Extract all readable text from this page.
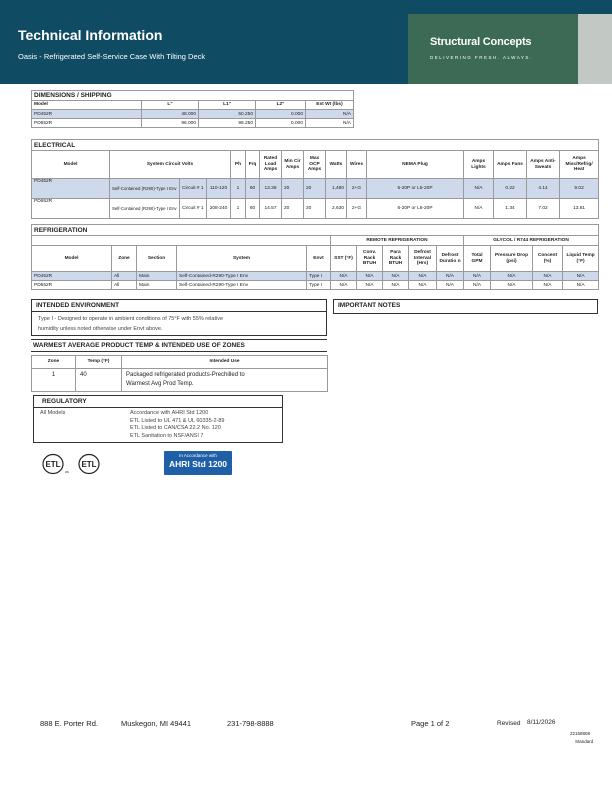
Technical Information
Oasis - Refrigerated Self-Service Case With Tilting Deck
Structural Concepts
DELIVERING FRESH. ALWAYS.
DIMENSIONS / SHIPPING				
Model	L"	L1"	L2"	Est Wt (lbs)
PD452R	48.000	50.250	0.000	N/A
PD652R	96.000	98.250	0.000	N/A
ELECTRICAL															
Model	System Circuit Volts			Ph	Frq	Rated Load Amps	Min Cir Amps	Max OCP Amps	Watts	Wires	NEMA Plug	Amps Lights	Amps Fans	Amps Anti-Sweats	Amps Misc/Refrig/ Heat
PD452R	Self-Contained (R290)-Type I Env	Circuit # 1	110-120	1	60	13.38	20	20	1,480	2+G	5-20P or L5-20P	N/A	0.22	4.14	9.02
PD652R	Self-Contained (R290)-Type I Env	Circuit # 1	208-240	1	60	14.57	20	20	2,630	2+G	6-20P or L6-20P	N/A	1.34	7.02	13.61
REFRIGERATION													
					REMOTE REFRIGERATION					GLYCOL / R744 REFRIGERATION			
Model	Zone	Section	System	Envt	SST (°F)	Conv. Rack BTUH	Para Rack BTUH	Defrost Interval (Hrs)	Defrost Duratio n	Total GPM	Pressure Drop (psi)	Concent (%)	Liquid Temp (°F)
PD452R	All	Main	Self-Contained-R290-Type I Env	Type I	N/A	N/A	N/A	N/A	N/A	N/A	N/A	N/A	N/A
PD652R	All	Main	Self-Contained-R290-Type I Env	Type I	N/A	N/A	N/A	N/A	N/A	N/A	N/A	N/A	N/A
INTENDED ENVIRONMENT
Type I - Designed to operate in ambient conditions of 75°F with 55% relative
humidity unless noted otherwise under Envt above.
IMPORTANT NOTES
WARMEST AVERAGE PRODUCT TEMP & INTENDED USE OF ZONES
Zone	Temp (°F)	Intended Use
1	40	Packaged refrigerated products-Prechilled to
Warmest Avg Prod Temp.
REGULATORY
All Models	Accordance with AHRI Std 1200
ETL Listed to UL 471 & UL 60335-2-89
ETL Listed to CAN/CSA 22.2 No. 120
ETL Sanitation to NSF/ANSI 7
ETL
us
ETL
In Accordance with
AHRI Std 1200
888 E. Porter Rd.	Muskegon, MI 49441	231-798-8888	Page 1 of 2	Revised 8/11/2026
22158808
Standard
